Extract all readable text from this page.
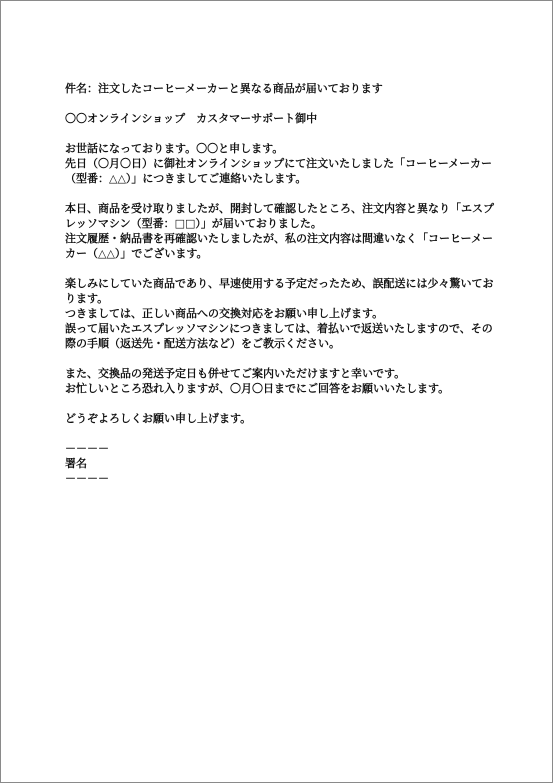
件名：注文したコーヒーメーカーと異なる商品が届いております
〇〇オンラインショップ　カスタマーサポート御中
お世話になっております。〇〇と申します。
先日（〇月〇日）に御社オンラインショップにて注文いたしました「コーヒーメーカー
（型番：△△）」につきましてご連絡いたします。
本日、商品を受け取りましたが、開封して確認したところ、注文内容と異なり「エスプ
レッソマシン（型番：□□）」が届いておりました。
注文履歴・納品書を再確認いたしましたが、私の注文内容は間違いなく「コーヒーメー
カー（△△）」でございます。
楽しみにしていた商品であり、早速使用する予定だったため、誤配送には少々驚いてお
ります。
つきましては、正しい商品への交換対応をお願い申し上げます。
誤って届いたエスプレッソマシンにつきましては、着払いで返送いたしますので、その
際の手順（返送先・配送方法など）をご教示ください。
また、交換品の発送予定日も併せてご案内いただけますと幸いです。
お忙しいところ恐れ入りますが、〇月〇日までにご回答をお願いいたします。
どうぞよろしくお願い申し上げます。
－－－－
署名
－－－－
